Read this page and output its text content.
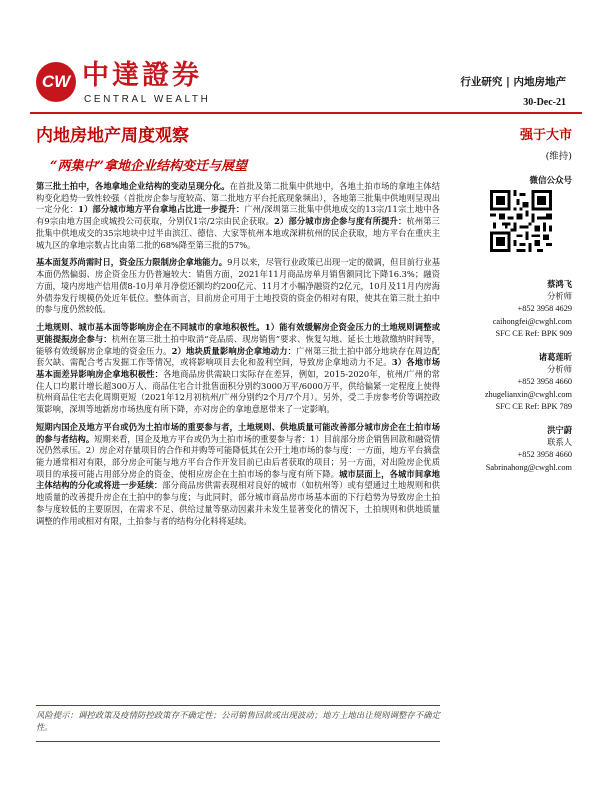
CW 中達證券
CENTRAL WEALTH
行业研究 | 内地房地产
30-Dec-21
内地房地产周度观察
“两集中”拿地企业结构变迁与展望
强于大市
(维持)
微信公众号

第三批土拍中，各地拿地企业结构的变动呈现分化。在首批及第二批集中供地中，各地土拍市场的拿地主体结构变化趋势一致性较强（首批房企参与度较高、第二批地方平台托底现象频出），各地第三批集中供地则呈现出一定分化：1）部分城市地方平台拿地占比进一步提升：广州/深圳第三批集中供地成交的13宗/11宗土地中各有9宗由地方国企或城投公司获取，分别仅1宗/2宗由民企获取。2）部分城市房企参与度有所提升：杭州第三批集中供地成交的35宗地块中过半由滨江、德信、大家等杭州本地或深耕杭州的民企获取，地方平台在重庆主城九区的拿地宗数占比由第二批的68%降至第三批的57%。

基本面复苏尚需时日，资金压力限制房企拿地能力。9月以来，尽管行业政策已出现一定的微调，但目前行业基本面仍然偏弱、房企资金压力仍普遍较大：销售方面，2021年11月商品房单月销售额同比下降16.3%；融资方面，境内房地产信用债8-10月单月净偿还额均约200亿元、11月才小幅净融资约2亿元，10月及11月内房海外债券发行规模仍处近年低位。整体而言，目前房企可用于土地投资的资金仍相对有限，使其在第三批土拍中的参与度仍然较低。

土地规则、城市基本面等影响房企在不同城市的拿地积极性。1）能有效缓解房企资金压力的土地规则调整或更能提振房企参与：杭州在第三批土拍中取消“竞品质、现房销售”要求、恢复勾地、延长土地款缴纳时间等，能够有效缓解房企拿地的资金压力。2）地块质量影响房企拿地动力：广州第三批土拍中部分地块存在周边配套欠缺、需配合考古发掘工作等情况，或将影响项目去化和盈利空间，导致房企拿地动力不足。3）各地市场基本面差异影响房企拿地积极性：各地商品房供需缺口实际存在差异，例如，2015-2020年，杭州/广州的常住人口均累计增长超300万人、商品住宅合计批售面积分别约3000万平/6000万平，供给偏紧一定程度上使得杭州商品住宅去化周期更短（2021年12月初杭州/广州分别约2个月/7个月）。另外，受二手房参考价等调控政策影响，深圳等地新房市场热度有所下降，亦对房企的拿地意愿带来了一定影响。

短期内国企及地方平台或仍为土拍市场的重要参与者，土地规则、供地质量可能改善部分城市房企在土拍市场的参与者结构。短期来看，国企及地方平台或仍为土拍市场的重要参与者：1）目前部分房企销售回款和融资情况仍然承压。2）房企对存量项目的合作和并购等可能降低其在公开土地市场的参与度：一方面，地方平台摘盘能力通常相对有限，部分房企可能与地方平台合作开发目前已由后者获取的项目；另一方面，对出险房企优质项目的承接可能占用部分房企的资金，使相应房企在土拍市场的参与度有所下降。城市层面上，各城市间拿地主体结构的分化或将进一步延续：部分商品房供需表现相对良好的城市（如杭州等）或有望通过土地规则和供地质量的改善提升房企在土拍中的参与度；与此同时，部分城市商品房市场基本面的下行趋势为导致房企土拍参与度较低的主要原因，在需求不足、供给过量等驱动因素并未发生显著变化的情况下，土拍规则和供地质量调整的作用或相对有限，土拍参与者的结构分化料将延续。

风险提示：调控政策及疫情防控政策存不确定性；公司销售回款或出现波动；地方土地出让规则调整存不确定性。
蔡鸿飞
分析师
+852 3958 4629
caihongfei@cwghl.com
SFC CE Ref: BPK 909
诸葛莲昕
分析师
+852 3958 4660
zhugelianxin@cwghl.com
SFC CE Ref: BPK 789
洪宁蔚
联系人
+852 3958 4660
Sabrinahong@cwghl.com
